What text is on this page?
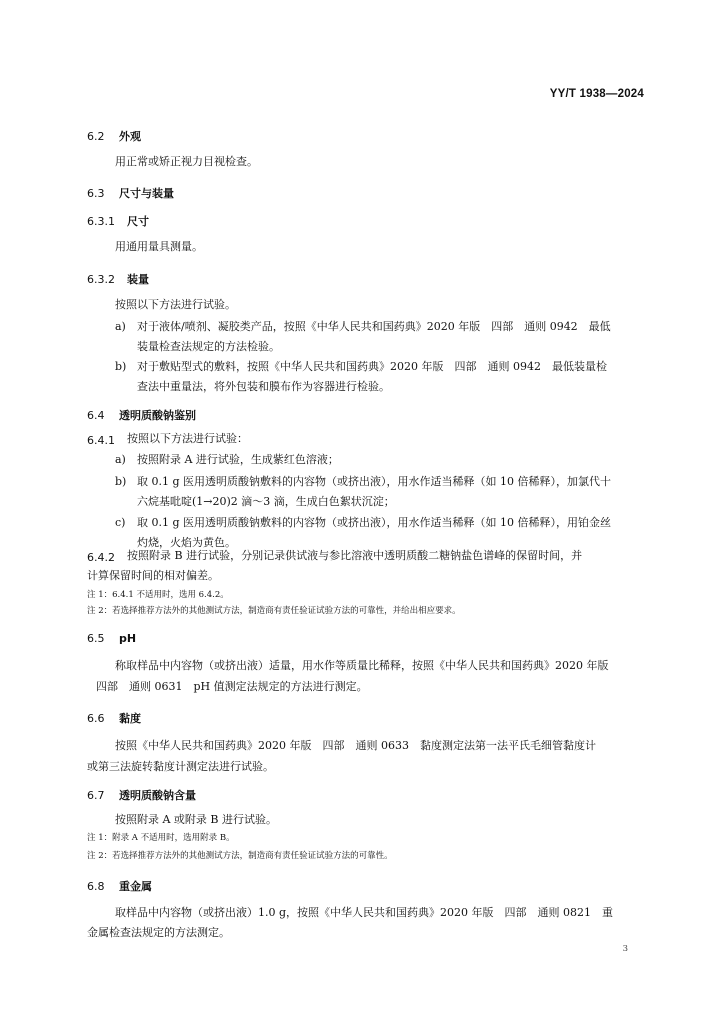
YY/T 1938—2024
6.2 外观
用正常或矫正视力目视检查。
6.3 尺寸与装量
6.3.1 尺寸
用通用量具测量。
6.3.2 装量
按照以下方法进行试验。
a) 对于液体/喷剂、凝胶类产品，按照《中华人民共和国药典》2020 年版　四部　通则 0942　最低
装量检查法规定的方法检验。
b) 对于敷贴型式的敷料，按照《中华人民共和国药典》2020 年版　四部　通则 0942　最低装量检
查法中重量法，将外包装和膜布作为容器进行检验。
6.4 透明质酸钠鉴别
6.4.1	按照以下方法进行试验：
a) 按照附录 A 进行试验，生成紫红色溶液；
b) 取 0.1 g 医用透明质酸钠敷料的内容物（或挤出液），用水作适当稀释（如 10 倍稀释），加氯代十
六烷基吡啶(1→20)2 滴～3 滴，生成白色絮状沉淀；
c) 取 0.1 g 医用透明质酸钠敷料的内容物（或挤出液），用水作适当稀释（如 10 倍稀释），用铂金丝
灼烧，火焰为黄色。
6.4.2	按照附录 B 进行试验，分别记录供试液与参比溶液中透明质酸二糖钠盐色谱峰的保留时间，并
计算保留时间的相对偏差。
注 1：6.4.1 不适用时，选用 6.4.2。
注 2：若选择推荐方法外的其他测试方法，制造商有责任验证试验方法的可靠性，并给出相应要求。
6.5 pH
称取样品中内容物（或挤出液）适量，用水作等质量比稀释，按照《中华人民共和国药典》2020 年版
四部　通则 0631　pH 值测定法规定的方法进行测定。
6.6 黏度
按照《中华人民共和国药典》2020 年版　四部　通则 0633　黏度测定法第一法平氏毛细管黏度计
或第三法旋转黏度计测定法进行试验。
6.7 透明质酸钠含量
按照附录 A 或附录 B 进行试验。
注 1：附录 A 不适用时，选用附录 B。
注 2：若选择推荐方法外的其他测试方法，制造商有责任验证试验方法的可靠性。
6.8 重金属
取样品中内容物（或挤出液）1.0 g，按照《中华人民共和国药典》2020 年版　四部　通则 0821　重
金属检查法规定的方法测定。
3
